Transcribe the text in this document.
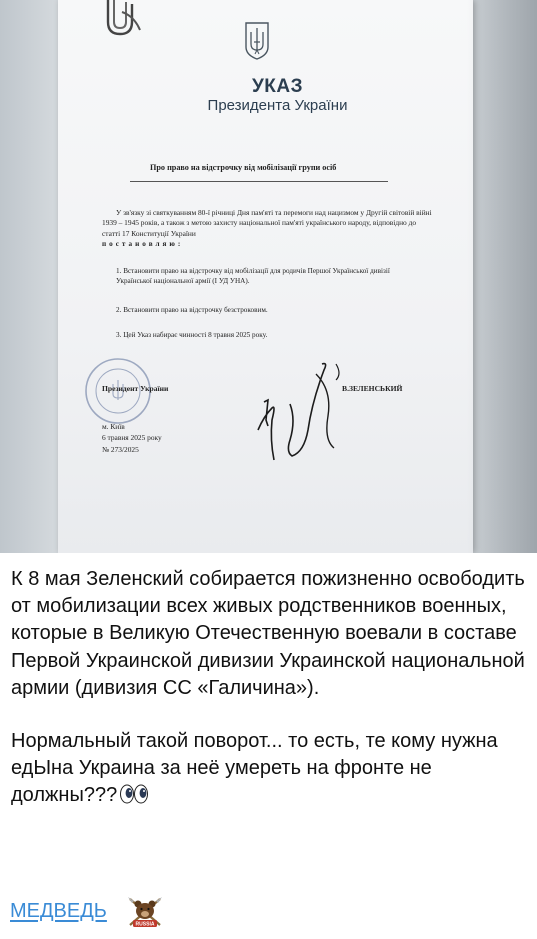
УКАЗ
Президента України
Про право на відстрочку від мобілізації групи осіб

У зв'язку зі святкуванням 80-ї річниці Дня пам'яті та перемоги над нацизмом у Другій світовій війні 1939 – 1945 років, а також з метою захисту національної пам'яті українського народу, відповідно до статті 17 Конституції України

постановляю:

1. Встановити право на відстрочку від мобілізації для родичів Першої Української дивізії Української національної армії (І УД УНА).
2. Встановити право на відстрочку безстроковим.
3. Цей Указ набирає чинності 8 травня 2025 року.
Президент України	В.ЗЕЛЕНСЬКИЙ
м. Київ
6 травня 2025 року
№ 273/2025
К 8 мая Зеленский собирается пожизненно освободить от мобилизации всех живых родственников военных, которые в Великую Отечественную воевали в составе Первой Украинской дивизии Украинской национальной армии (дивизия СС «Галичина»).
Нормальный такой поворот... то есть, те кому нужна едЫна Украина за неё умереть на фронте не должны???
МЕДВЕДЬ
RUSSIA
